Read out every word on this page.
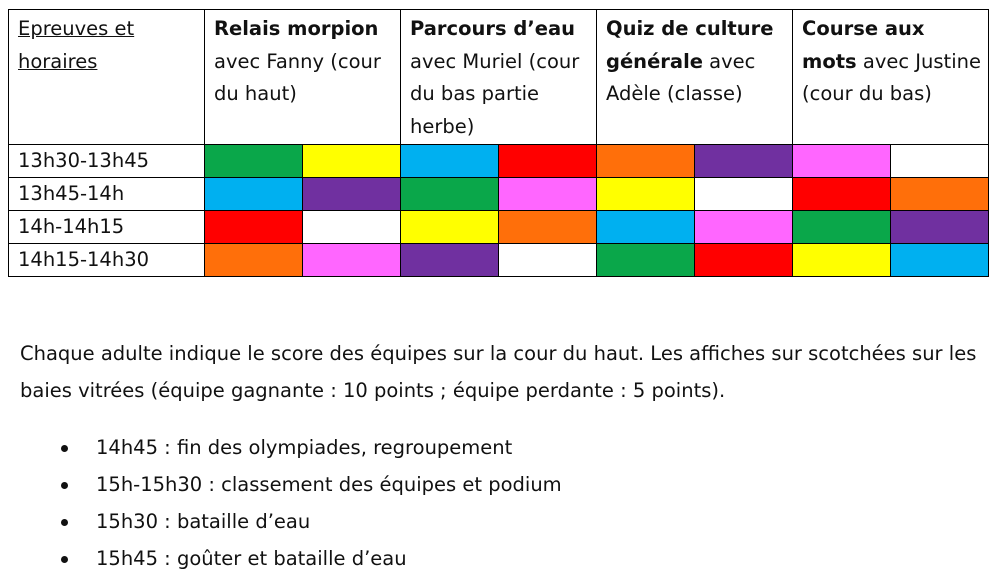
Epreuves et horaires	Relais morpion avec Fanny (cour du haut)		Parcours d’eau avec Muriel (cour du bas partie herbe)		Quiz de culture générale avec Adèle (classe)		Course aux mots avec Justine (cour du bas)	
13h30-13h45								
13h45-14h								
14h-14h15								
14h15-14h30								

Chaque adulte indique le score des équipes sur la cour du haut. Les affiches sur scotchées sur les baies vitrées (équipe gagnante : 10 points ; équipe perdante : 5 points).

14h45 : fin des olympiades, regroupement
15h-15h30 : classement des équipes et podium
15h30 : bataille d’eau
15h45 : goûter et bataille d’eau
